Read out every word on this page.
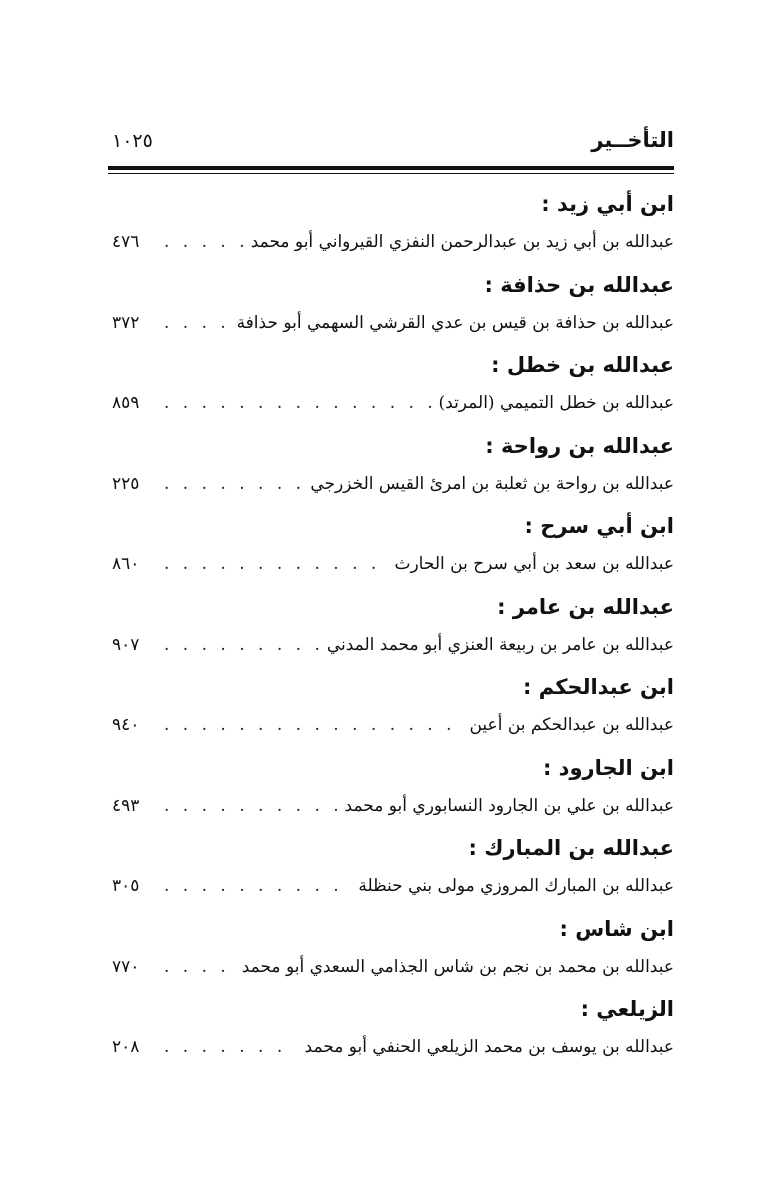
التأخــير
١٠٢٥
ابن أبي زيد :
عبدالله بن أبي زيد بن عبدالرحمن النفزي القيرواني أبو محمد
. . .
٤٧٦
عبدالله بن حذافة :
عبدالله بن حذافة بن قيس بن عدي القرشي السهمي أبو حذافة
. . .
٣٧٢
عبدالله بن خطل :
عبدالله بن خطل التميمي (المرتد)
. . .
٨٥٩
عبدالله بن رواحة :
عبدالله بن رواحة بن ثعلبة بن امرئ القيس الخزرجي
. . .
٢٢٥
ابن أبي سرح :
عبدالله بن سعد بن أبي سرح بن الحارث
. . .
٨٦٠
عبدالله بن عامر :
عبدالله بن عامر بن ربيعة العنزي أبو محمد المدني
. . .
٩٠٧
ابن عبدالحكم :
عبدالله بن عبدالحكم بن أعين
. . .
٩٤٠
ابن الجارود :
عبدالله بن علي بن الجارود النسابوري أبو محمد
. . .
٤٩٣
عبدالله بن المبارك :
عبدالله بن المبارك المروزي مولى بني حنظلة
. . .
٣٠٥
ابن شاس :
عبدالله بن محمد بن نجم بن شاس الجذامي السعدي أبو محمد
. . .
٧٧٠
الزيلعي :
عبدالله بن يوسف بن محمد الزيلعي الحنفي أبو محمد
. . .
٢٠٨
